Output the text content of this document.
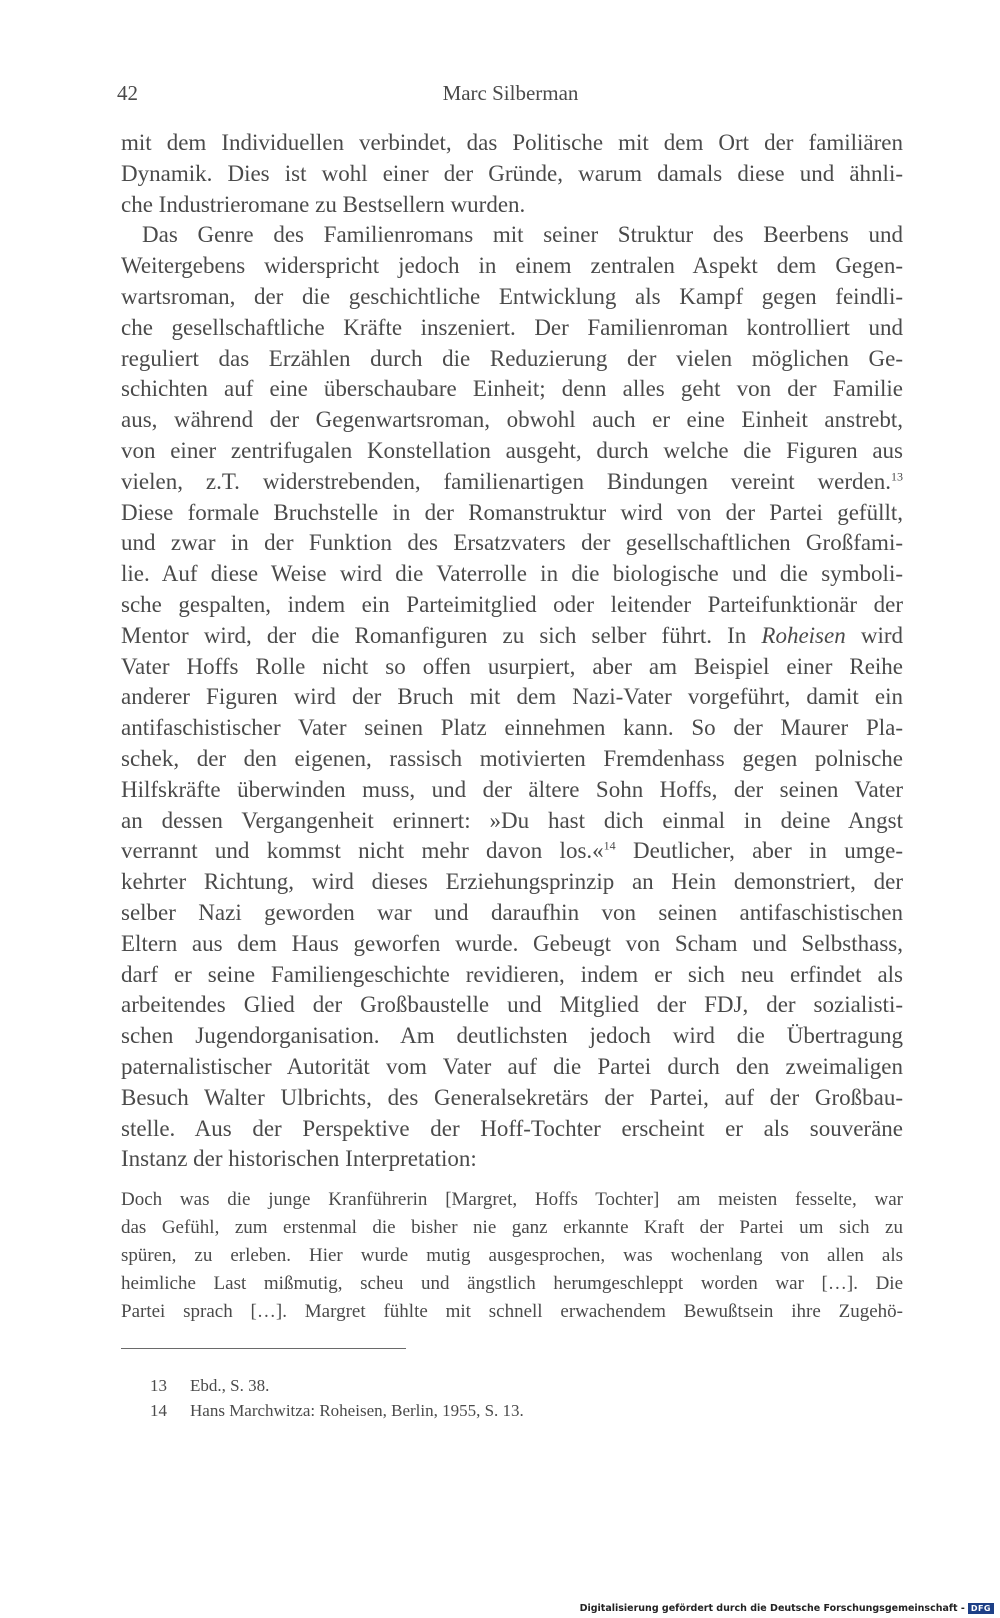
42	Marc Silberman

mit dem Individuellen verbindet, das Politische mit dem Ort der familiären
Dynamik. Dies ist wohl einer der Gründe, warum damals diese und ähnli-
che Industrieromane zu Bestsellern wurden.

Das Genre des Familienromans mit seiner Struktur des Beerbens und
Weitergebens widerspricht jedoch in einem zentralen Aspekt dem Gegen-
wartsroman, der die geschichtliche Entwicklung als Kampf gegen feindli-
che gesellschaftliche Kräfte inszeniert. Der Familienroman kontrolliert und
reguliert das Erzählen durch die Reduzierung der vielen möglichen Ge-
schichten auf eine überschaubare Einheit; denn alles geht von der Familie
aus, während der Gegenwartsroman, obwohl auch er eine Einheit anstrebt,
von einer zentrifugalen Konstellation ausgeht, durch welche die Figuren aus
vielen, z.T. widerstrebenden, familienartigen Bindungen vereint werden.$^{13}$
Diese formale Bruchstelle in der Romanstruktur wird von der Partei gefüllt,
und zwar in der Funktion des Ersatzvaters der gesellschaftlichen Großfami-
lie. Auf diese Weise wird die Vaterrolle in die biologische und die symboli-
sche gespalten, indem ein Parteimitglied oder leitender Parteifunktionär der
Mentor wird, der die Romanfiguren zu sich selber führt. In Roheisen wird
Vater Hoffs Rolle nicht so offen usurpiert, aber am Beispiel einer Reihe
anderer Figuren wird der Bruch mit dem Nazi-Vater vorgeführt, damit ein
antifaschistischer Vater seinen Platz einnehmen kann. So der Maurer Pla-
schek, der den eigenen, rassisch motivierten Fremdenhass gegen polnische
Hilfskräfte überwinden muss, und der ältere Sohn Hoffs, der seinen Vater
an dessen Vergangenheit erinnert: »Du hast dich einmal in deine Angst
verrannt und kommst nicht mehr davon los.«$^{14}$ Deutlicher, aber in umge-
kehrter Richtung, wird dieses Erziehungsprinzip an Hein demonstriert, der
selber Nazi geworden war und daraufhin von seinen antifaschistischen
Eltern aus dem Haus geworfen wurde. Gebeugt von Scham und Selbsthass,
darf er seine Familiengeschichte revidieren, indem er sich neu erfindet als
arbeitendes Glied der Großbaustelle und Mitglied der FDJ, der sozialisti-
schen Jugendorganisation. Am deutlichsten jedoch wird die Übertragung
paternalistischer Autorität vom Vater auf die Partei durch den zweimaligen
Besuch Walter Ulbrichts, des Generalsekretärs der Partei, auf der Großbau-
stelle. Aus der Perspektive der Hoff-Tochter erscheint er als souveräne
Instanz der historischen Interpretation:

Doch was die junge Kranführerin [Margret, Hoffs Tochter] am meisten fesselte, war
das Gefühl, zum erstenmal die bisher nie ganz erkannte Kraft der Partei um sich zu
spüren, zu erleben. Hier wurde mutig ausgesprochen, was wochenlang von allen als
heimliche Last mißmutig, scheu und ängstlich herumgeschleppt worden war […]. Die
Partei sprach […]. Margret fühlte mit schnell erwachendem Bewußtsein ihre Zugehö-
13 Ebd., S. 38.
14 Hans Marchwitza: Roheisen, Berlin, 1955, S. 13.
Digitalisierung gefördert durch die Deutsche Forschungsgemeinschaft - DFG
